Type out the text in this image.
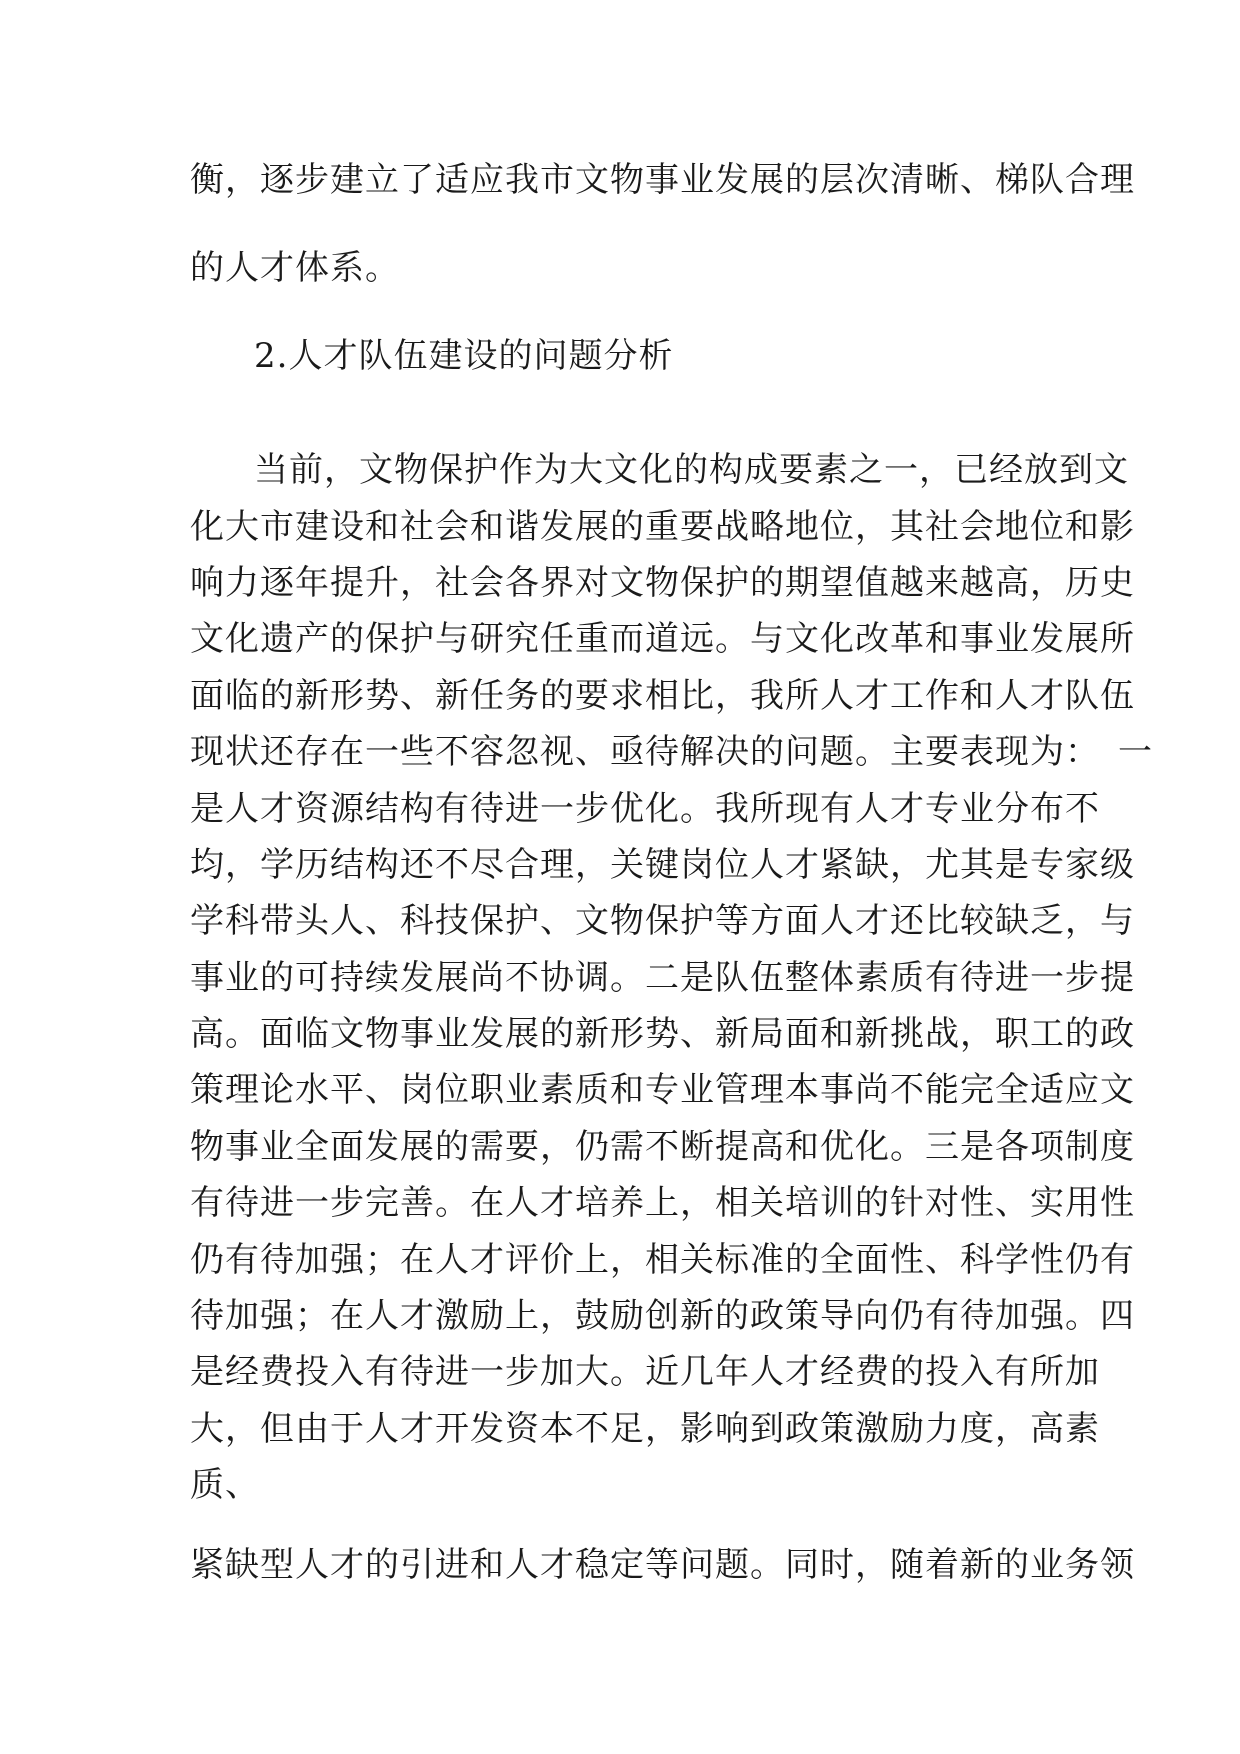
衡，逐步建立了适应我市文物事业发展的层次清晰、梯队合理

的人才体系。

2.人才队伍建设的问题分析

当前，文物保护作为大文化的构成要素之一，已经放到文

化大市建设和社会和谐发展的重要战略地位，其社会地位和影

响力逐年提升，社会各界对文物保护的期望值越来越高，历史

文化遗产的保护与研究任重而道远。与文化改革和事业发展所

面临的新形势、新任务的要求相比，我所人才工作和人才队伍

现状还存在一些不容忽视、亟待解决的问题。主要表现为：　一

是人才资源结构有待进一步优化。我所现有人才专业分布不

均，学历结构还不尽合理，关键岗位人才紧缺，尤其是专家级

学科带头人、科技保护、文物保护等方面人才还比较缺乏，与

事业的可持续发展尚不协调。二是队伍整体素质有待进一步提

高。面临文物事业发展的新形势、新局面和新挑战，职工的政

策理论水平、岗位职业素质和专业管理本事尚不能完全适应文

物事业全面发展的需要，仍需不断提高和优化。三是各项制度

有待进一步完善。在人才培养上，相关培训的针对性、实用性

仍有待加强；在人才评价上，相关标准的全面性、科学性仍有

待加强；在人才激励上，鼓励创新的政策导向仍有待加强。四

是经费投入有待进一步加大。近几年人才经费的投入有所加

大，但由于人才开发资本不足，影响到政策激励力度，高素

质、

紧缺型人才的引进和人才稳定等问题。同时，随着新的业务领
